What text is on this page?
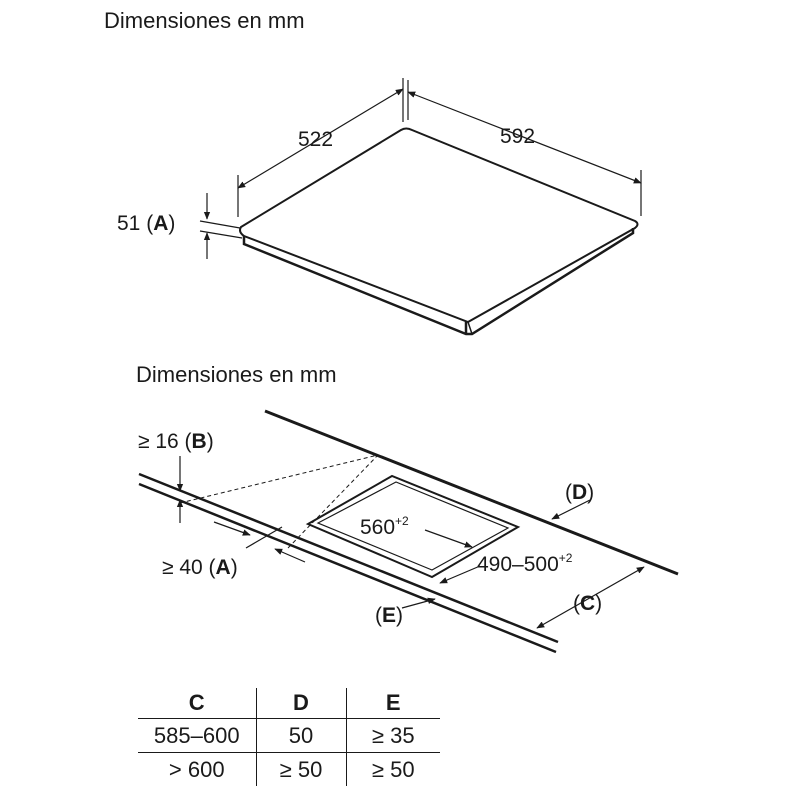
Dimensiones en mm
Dimensiones en mm
522	592
51 (A)
≥ 16 (B)
≥ 40 (A)
$560^{+2}$
$490-500^{+2}$
(D)
(C)
(E)
C	D	E
585–600	50	≥ 35
> 600	≥ 50	≥ 50
